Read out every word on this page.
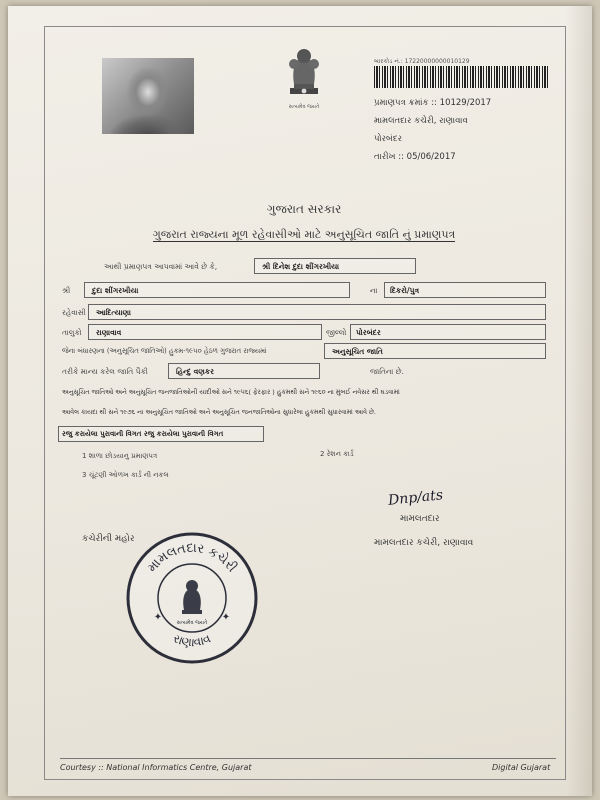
સત્યમેવ જયતે
બારકોડ નં.: 17220000000010129
પ્રમાણપત્ર ક્રમાંક :: 10129/2017
મામલતદાર કચેરી, રાણાવાવ
પોરબંદર
તારીખ :: 05/06/2017
ગુજરાત સરકાર
ગુજરાત રાજ્યના મૂળ રહેવાસીઓ માટે અનુસૂચિત જાતિ નું પ્રમાણપત્ર
આથી પ્રમાણપત્ર આપવામાં આવે છે કે,	શ્રી દિનેશ દુદા શીંગરખીયા
શ્રી	દુદા શીંગરખીયા	ના દિકરો/પુત્ર
રહેવાસી આદિત્યાણા
તાલુકો રાણાવાવ	જીલ્લો પોરબંદર
જેના બંધારણના (અનુસૂચિત જાતિઓ) હુકમ-૧૯૫૦ હેઠળ ગુજરાત રાજ્યમાં	અનુસૂચિત જાતિ
તરીકે માન્ય કરેલ જાતિ પૈકી	હિન્દુ વણકર	જાતિના છે.
અનુસૂચિત જાતિઓ અને અનુસૂચિત જનજાતિઓની યાદીઓ સને ૧૯૫૬( ફેરફાર ) હુકમથી સને ૧૯૬૦ ના મુંબઈ નવેસર થી ઘડવામાં
આવેલ કાયદા થી સને ૧૯૭૬ ના અનુસૂચિત જાતિઓ અને અનુસૂચિત જનજાતિઓના સુધારેલા હુકમથી સુધારવામાં આવે છે.
રજુ કરાયેલા પુરાવાની વિગત રજુ કરાયેલા પુરાવાની વિગત
1 શાળા છોડયાનુ પ્રમાણપત્ર	2 રેશન કાર્ડ
3 ચૂંટણી ઓળખ કાર્ડ ની નકલ
Dnp/ats
મામલતદાર
મામલતદાર કચેરી, રાણાવાવ
કચેરીની મહોર
મામલતદાર કચેરી
રાણાવાવ
સત્યમેવ જયતે
✦	✦
Courtesy :: National Informatics Centre, Gujarat	Digital Gujarat
